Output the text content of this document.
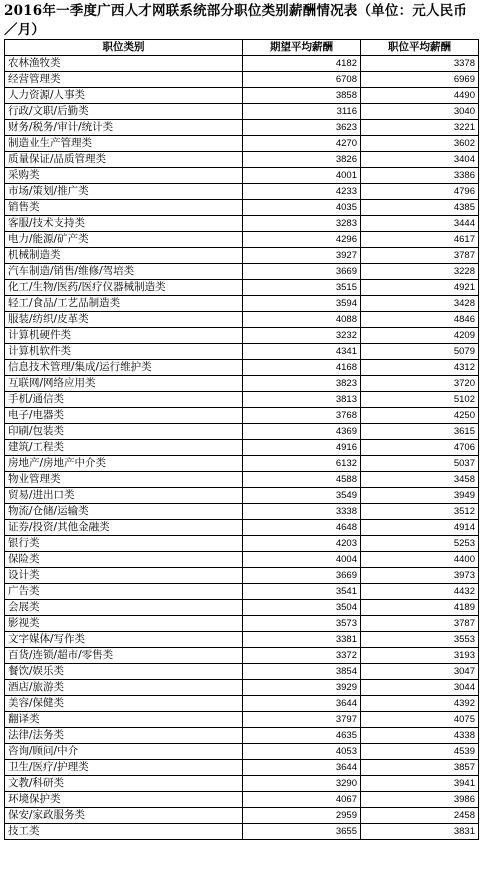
2016年一季度广西人才网联系统部分职位类别薪酬情况表（单位：元人民币／月）
职位类别	期望平均薪酬	职位平均薪酬
农林渔牧类	4182	3378
经营管理类	6708	6969
人力资源/人事类	3858	4490
行政/文职/后勤类	3116	3040
财务/税务/审计/统计类	3623	3221
制造业生产管理类	4270	3602
质量保证/品质管理类	3826	3404
采购类	4001	3386
市场/策划/推广类	4233	4796
销售类	4035	4385
客服/技术支持类	3283	3444
电力/能源/矿产类	4296	4617
机械制造类	3927	3787
汽车制造/销售/维修/驾培类	3669	3228
化工/生物/医药/医疗仪器械制造类	3515	4921
轻工/食品/工艺品制造类	3594	3428
服装/纺织/皮革类	4088	4846
计算机硬件类	3232	4209
计算机软件类	4341	5079
信息技术管理/集成/运行维护类	4168	4312
互联网/网络应用类	3823	3720
手机/通信类	3813	5102
电子/电器类	3768	4250
印刷/包装类	4369	3615
建筑/工程类	4916	4706
房地产/房地产中介类	6132	5037
物业管理类	4588	3458
贸易/进出口类	3549	3949
物流/仓储/运输类	3338	3512
证券/投资/其他金融类	4648	4914
银行类	4203	5253
保险类	4004	4400
设计类	3669	3973
广告类	3541	4432
会展类	3504	4189
影视类	3573	3787
文字媒体/写作类	3381	3553
百货/连锁/超市/零售类	3372	3193
餐饮/娱乐类	3854	3047
酒店/旅游类	3929	3044
美容/保健类	3644	4392
翻译类	3797	4075
法律/法务类	4635	4338
咨询/顾问/中介	4053	4539
卫生/医疗/护理类	3644	3857
文教/科研类	3290	3941
环境保护类	4067	3986
保安/家政服务类	2959	2458
技工类	3655	3831
